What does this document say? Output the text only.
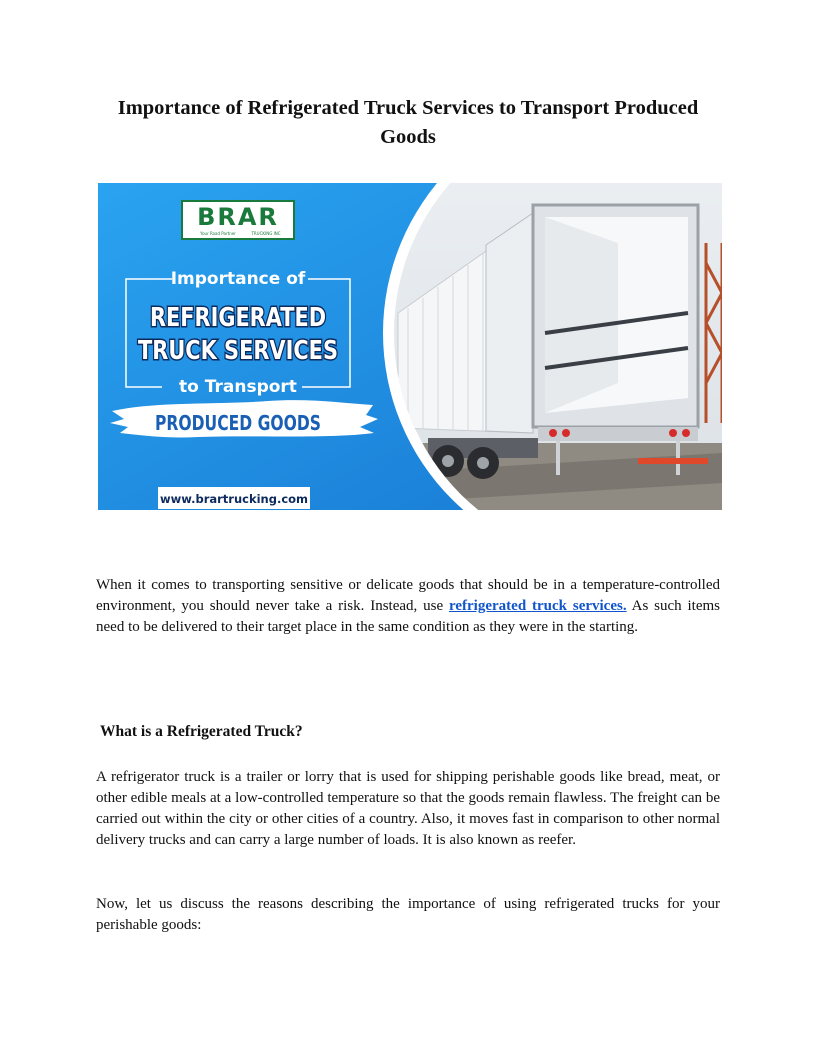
Importance of Refrigerated Truck Services to Transport Produced Goods
BRAR
Your Road Partner	TRUCKING INC
Importance of
REFRIGERATED
TRUCK SERVICES
to Transport
PRODUCED GOODS
www.brartrucking.com

When it comes to transporting sensitive or delicate goods that should be in a temperature-controlled environment, you should never take a risk. Instead, use refrigerated truck services. As such items need to be delivered to their target place in the same condition as they were in the starting.

What is a Refrigerated Truck?

A refrigerator truck is a trailer or lorry that is used for shipping perishable goods like bread, meat, or other edible meals at a low-controlled temperature so that the goods remain flawless. The freight can be carried out within the city or other cities of a country. Also, it moves fast in comparison to other normal delivery trucks and can carry a large number of loads. It is also known as reefer.

Now, let us discuss the reasons describing the importance of using refrigerated trucks for your perishable goods:
